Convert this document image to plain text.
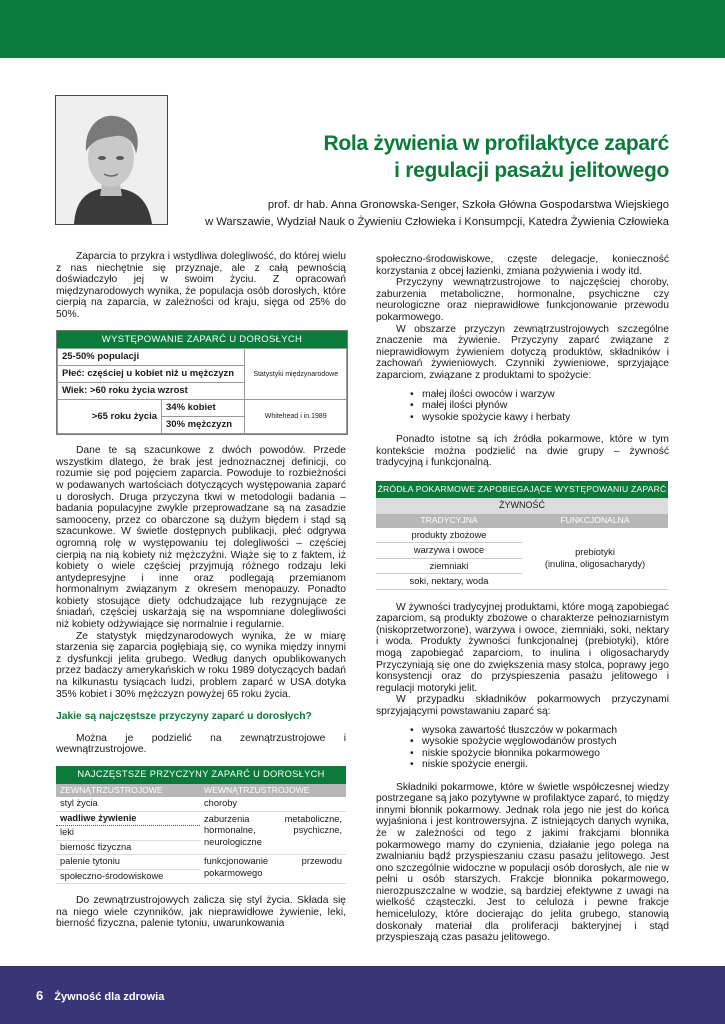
Rola żywienia w profilaktyce zaparć
i regulacji pasażu jelitowego
prof. dr hab. Anna Gronowska-Senger, Szkoła Główna Gospodarstwa Wiejskiego
w Warszawie, Wydział Nauk o Żywieniu Człowieka i Konsumpcji, Katedra Żywienia Człowieka

Zaparcia to przykra i wstydliwa dolegliwość, do której wielu z nas niechętnie się przyznaje, ale z całą pewnością doświadczyło jej w swoim życiu. Z opracowań międzynarodowych wynika, że populacja osób dorosłych, które cierpią na zaparcia, w zależności od kraju, sięga od 25% do 50%.

WYSTĘPOWANIE ZAPARĆ U DOROSŁYCH
25-50% populacji		Statystyki międzynarodowe
Płeć: częściej u kobiet niż u mężczyzn		
Wiek: >60 roku życia wzrost		
>65 roku życia	34% kobiet	Whitehead i in.1989
	30% mężczyzn	

Dane te są szacunkowe z dwóch powodów. Przede wszystkim dlatego, że brak jest jednoznacznej definicji, co rozumie się pod pojęciem zaparcia. Powoduje to rozbieżności w podawanych wartościach dotyczących występowania zaparć u dorosłych. Druga przyczyna tkwi w metodologii badania – badania populacyjne zwykle przeprowadzane są na zasadzie samooceny, przez co obarczone są dużym błędem i stąd są szacunkowe. W świetle dostępnych publikacji, płeć odgrywa ogromną rolę w występowaniu tej dolegliwości – częściej cierpią na nią kobiety niż mężczyźni. Wiąże się to z faktem, iż kobiety o wiele częściej przyjmują różnego rodzaju leki antydepresyjne i inne oraz podlegają przemianom hormonalnym związanym z okresem menopauzy. Ponadto kobiety stosujące diety odchudzające lub rezygnujące ze śniadań, częściej uskarżają się na wspomniane dolegliwości niż kobiety odżywiające się normalnie i regularnie.

Ze statystyk międzynarodowych wynika, że w miarę starzenia się zaparcia pogłębiają się, co wynika między innymi z dysfunkcji jelita grubego. Według danych opublikowanych przez badaczy amerykańskich w roku 1989 dotyczących badań na kilkunastu tysiącach ludzi, problem zaparć w USA dotyka 35% kobiet i 30% mężczyzn powyżej 65 roku życia.

Jakie są najczęstsze przyczyny zaparć u dorosłych?

Można je podzielić na zewnątrzustrojowe i wewnątrzustrojowe.

NAJCZĘSTSZE PRZYCZYNY ZAPARĆ U DOROSŁYCH
ZEWNĄTRZUSTROJOWE	WEWNĄTRZUSTROJOWE
styl życia	choroby
wadliwe żywienie	zaburzenia metaboliczne, hormonalne, psychiczne, neurologiczne
leki	
bierność fizyczna	
palenie tytoniu	funkcjonowanie przewodu pokarmowego
społeczno-środowiskowe	

Do zewnątrzustrojowych zalicza się styl życia. Składa się na niego wiele czynników, jak nieprawidłowe żywienie, leki, bierność fizyczna, palenie tytoniu, uwarunkowania

społeczno-środowiskowe, częste delegacje, konieczność korzystania z obcej łazienki, zmiana pożywienia i wody itd.

Przyczyny wewnątrzustrojowe to najczęściej choroby, zaburzenia metaboliczne, hormonalne, psychiczne czy neurologiczne oraz nieprawidłowe funkcjonowanie przewodu pokarmowego.

W obszarze przyczyn zewnątrzustrojowych szczególne znaczenie ma żywienie. Przyczyny zaparć związane z nieprawidłowym żywieniem dotyczą produktów, składników i zachowań żywieniowych. Czynniki żywieniowe, sprzyjające zaparciom, związane z produktami to spożycie:

• małej ilości owoców i warzyw
• małej ilości płynów
• wysokie spożycie kawy i herbaty

Ponadto istotne są ich źródła pokarmowe, które w tym kontekście można podzielić na dwie grupy – żywność tradycyjną i funkcjonalną.

ŹRÓDŁA POKARMOWE ZAPOBIEGAJĄCE WYSTĘPOWANIU ZAPARĆ
ŻYWNOŚĆ
TRADYCYJNA	FUNKCJONALNA
produkty zbożowe	prebiotyki
(inulina, oligosacharydy)

warzywa i owoce	
ziemniaki	
soki, nektary, woda	

W żywności tradycyjnej produktami, które mogą zapobiegać zaparciom, są produkty zbożowe o charakterze pełnoziarnistym (niskoprzetworzone), warzywa i owoce, ziemniaki, soki, nektary i woda. Produkty żywności funkcjonalnej (prebiotyki), które mogą zapobiegać zaparciom, to inulina i oligosacharydy Przyczyniają się one do zwiększenia masy stolca, poprawy jego konsystencji oraz do przyspieszenia pasażu jelitowego i regulacji motoryki jelit.

W przypadku składników pokarmowych przyczynami sprzyjającymi powstawaniu zaparć są:

• wysoka zawartość tłuszczów w pokarmach
• wysokie spożycie węglowodanów prostych
• niskie spożycie błonnika pokarmowego
• niskie spożycie energii.

Składniki pokarmowe, które w świetle współczesnej wiedzy postrzegane są jako pozytywne w profilaktyce zaparć, to między innymi błonnik pokarmowy. Jednak rola jego nie jest do końca wyjaśniona i jest kontrowersyjna. Z istniejących danych wynika, że w zależności od tego z jakimi frakcjami błonnika pokarmowego mamy do czynienia, działanie jego polega na zwalnianiu bądź przyspieszaniu czasu pasażu jelitowego. Jest ono szczególnie widoczne w populacji osób dorosłych, ale nie w pełni u osób starszych. Frakcje błonnika pokarmowego, nierozpuszczalne w wodzie, są bardziej efektywne z uwagi na wielkość cząsteczki. Jest to celuloza i pewne frakcje hemicelulozy, które docierając do jelita grubego, stanowią doskonały materiał dla proliferacji bakteryjnej i stąd przyspieszają czas pasażu jelitowego.

6 Żywność dla zdrowia
